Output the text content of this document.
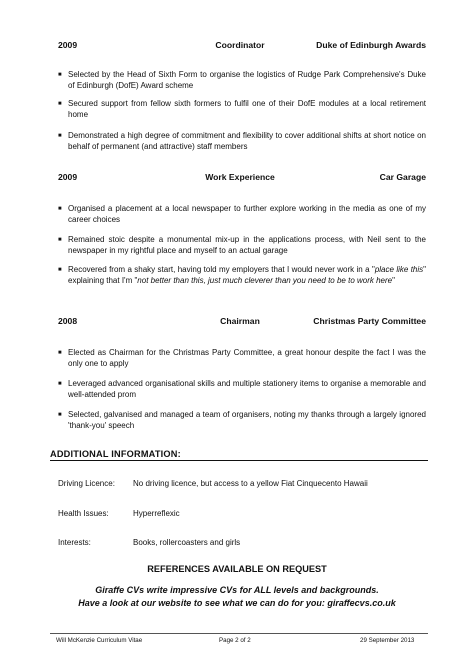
2009	Coordinator	Duke of Edinburgh Awards
■ Selected by the Head of Sixth Form to organise the logistics of Rudge Park Comprehensive's Duke of Edinburgh (DofE) Award scheme
■ Secured support from fellow sixth formers to fulfil one of their DofE modules at a local retirement home
■ Demonstrated a high degree of commitment and flexibility to cover additional shifts at short notice on behalf of permanent (and attractive) staff members
2009	Work Experience	Car Garage
■ Organised a placement at a local newspaper to further explore working in the media as one of my career choices
■ Remained stoic despite a monumental mix-up in the applications process, with Neil sent to the newspaper in my rightful place and myself to an actual garage
■ Recovered from a shaky start, having told my employers that I would never work in a "place like this" explaining that I'm "not better than this, just much cleverer than you need to be to work here"
2008	Chairman	Christmas Party Committee
■ Elected as Chairman for the Christmas Party Committee, a great honour despite the fact I was the only one to apply
■ Leveraged advanced organisational skills and multiple stationery items to organise a memorable and well-attended prom
■ Selected, galvanised and managed a team of organisers, noting my thanks through a largely ignored 'thank-you' speech
ADDITIONAL INFORMATION:
Driving Licence: No driving licence, but access to a yellow Fiat Cinquecento Hawaii
Health Issues:	Hyperreflexic
Interests:	Books, rollercoasters and girls
REFERENCES AVAILABLE ON REQUEST
Giraffe CVs write impressive CVs for ALL levels and backgrounds.
Have a look at our website to see what we can do for you: giraffecvs.co.uk
Will McKenzie Curriculum Vitae	Page 2 of 2	29 September 2013
